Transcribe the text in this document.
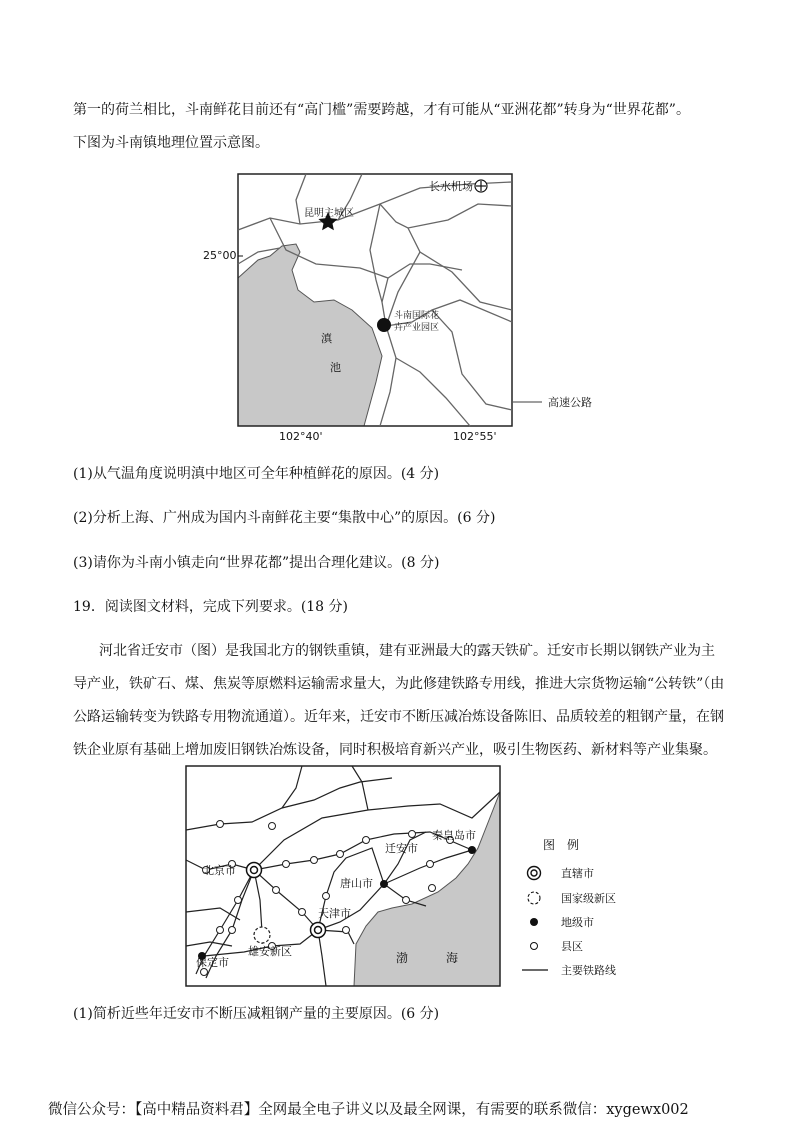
第一的荷兰相比，斗南鲜花目前还有“高门槛”需要跨越，才有可能从“亚洲花都”转身为“世界花都”。
下图为斗南镇地理位置示意图。
昆明主城区
长水机场
斗南国际花
卉产业园区
滇
池
25°00'
102°40'	102°55'
高速公路
(1)从气温角度说明滇中地区可全年种植鲜花的原因。(4 分)
(2)分析上海、广州成为国内斗南鲜花主要“集散中心”的原因。(6 分)
(3)请你为斗南小镇走向“世界花都”提出合理化建议。(8 分)
19．阅读图文材料，完成下列要求。(18 分)
河北省迁安市（图）是我国北方的钢铁重镇，建有亚洲最大的露天铁矿。迁安市长期以钢铁产业为主
导产业，铁矿石、煤、焦炭等原燃料运输需求量大，为此修建铁路专用线，推进大宗货物运输“公转铁”（由
公路运输转变为铁路专用物流通道）。近年来，迁安市不断压减冶炼设备陈旧、品质较差的粗钢产量，在钢
铁企业原有基础上增加废旧钢铁冶炼设备，同时积极培育新兴产业，吸引生物医药、新材料等产业集聚。
雄安新区
北京市
天津市
唐山市
秦皇岛市
迁安市
保定市	渤	海
图　例
直辖市
国家级新区
地级市
县区
主要铁路线
(1)简析近些年迁安市不断压减粗钢产量的主要原因。(6 分)
微信公众号：【高中精品资料君】全网最全电子讲义以及最全网课，有需要的联系微信：xygewx002
